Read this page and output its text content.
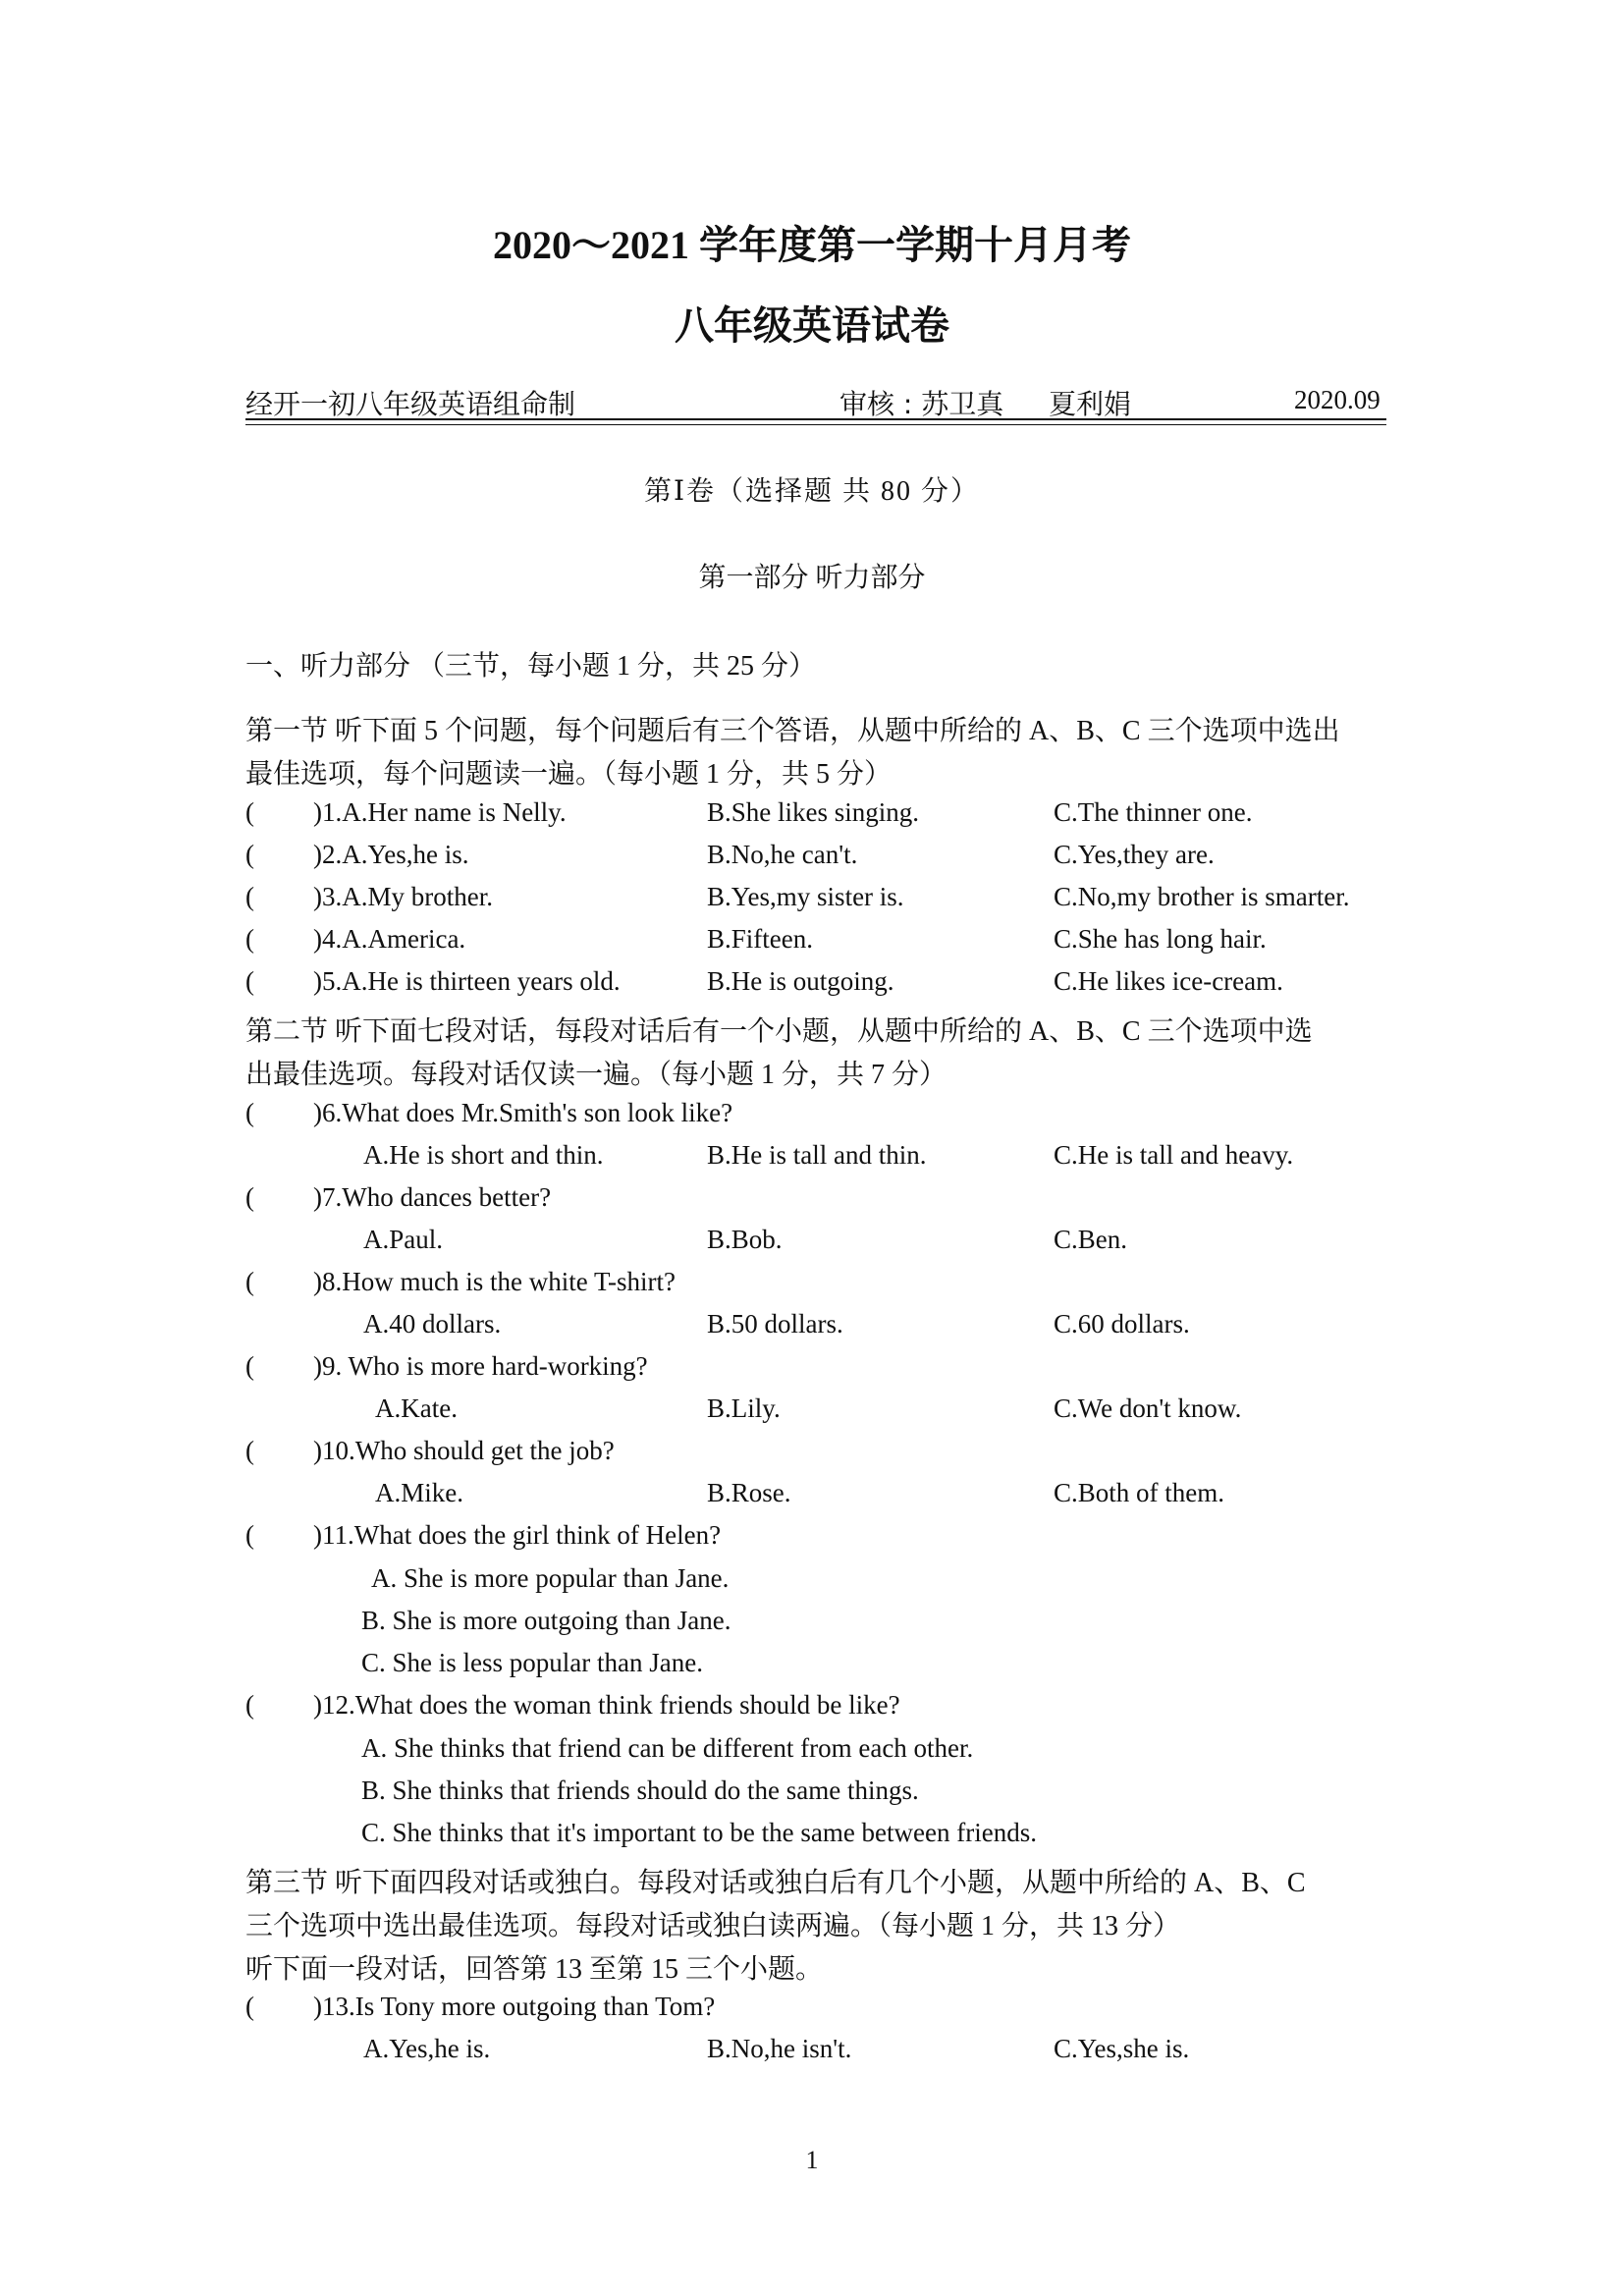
2020～2021 学年度第一学期十月月考
八年级英语试卷
经开一初八年级英语组命制	审核 : 苏卫真 夏利娟	2020.09
第Ⅰ卷（选择题 共 80 分）
第一部分 听力部分
一、听力部分 （三节，每小题 1 分，共 25 分）
第一节 听下面 5 个问题，每个问题后有三个答语，从题中所给的 A、B、C 三个选项中选出
最佳选项，每个问题读一遍。（每小题 1 分，共 5 分）
( )1.A.Her name is Nelly.	B.She likes singing.	C.The thinner one.
( )2.A.Yes,he is.	B.No,he can't.	C.Yes,they are.
( )3.A.My brother.	B.Yes,my sister is.	C.No,my brother is smarter.
( )4.A.America.	B.Fifteen.	C.She has long hair.
( )5.A.He is thirteen years old.	B.He is outgoing.	C.He likes ice-cream.
第二节 听下面七段对话，每段对话后有一个小题，从题中所给的 A、B、C 三个选项中选
出最佳选项。每段对话仅读一遍。（每小题 1 分，共 7 分）
( )6.What does Mr.Smith's son look like?
A.He is short and thin.	B.He is tall and thin.	C.He is tall and heavy.
( )7.Who dances better?
A.Paul.	B.Bob.	C.Ben.
( )8.How much is the white T-shirt?
A.40 dollars.	B.50 dollars.	C.60 dollars.
( )9. Who is more hard-working?
A.Kate.	B.Lily.	C.We don't know.
( )10.Who should get the job?
A.Mike.	B.Rose.	C.Both of them.
( )11.What does the girl think of Helen?
A. She is more popular than Jane.
B. She is more outgoing than Jane.
C. She is less popular than Jane.
( )12.What does the woman think friends should be like?
A. She thinks that friend can be different from each other.
B. She thinks that friends should do the same things.
C. She thinks that it's important to be the same between friends.
第三节 听下面四段对话或独白。每段对话或独白后有几个小题，从题中所给的 A、B、C
三个选项中选出最佳选项。每段对话或独白读两遍。（每小题 1 分，共 13 分）
听下面一段对话，回答第 13 至第 15 三个小题。
( )13.Is Tony more outgoing than Tom?
A.Yes,he is.	B.No,he isn't.	C.Yes,she is.
1
